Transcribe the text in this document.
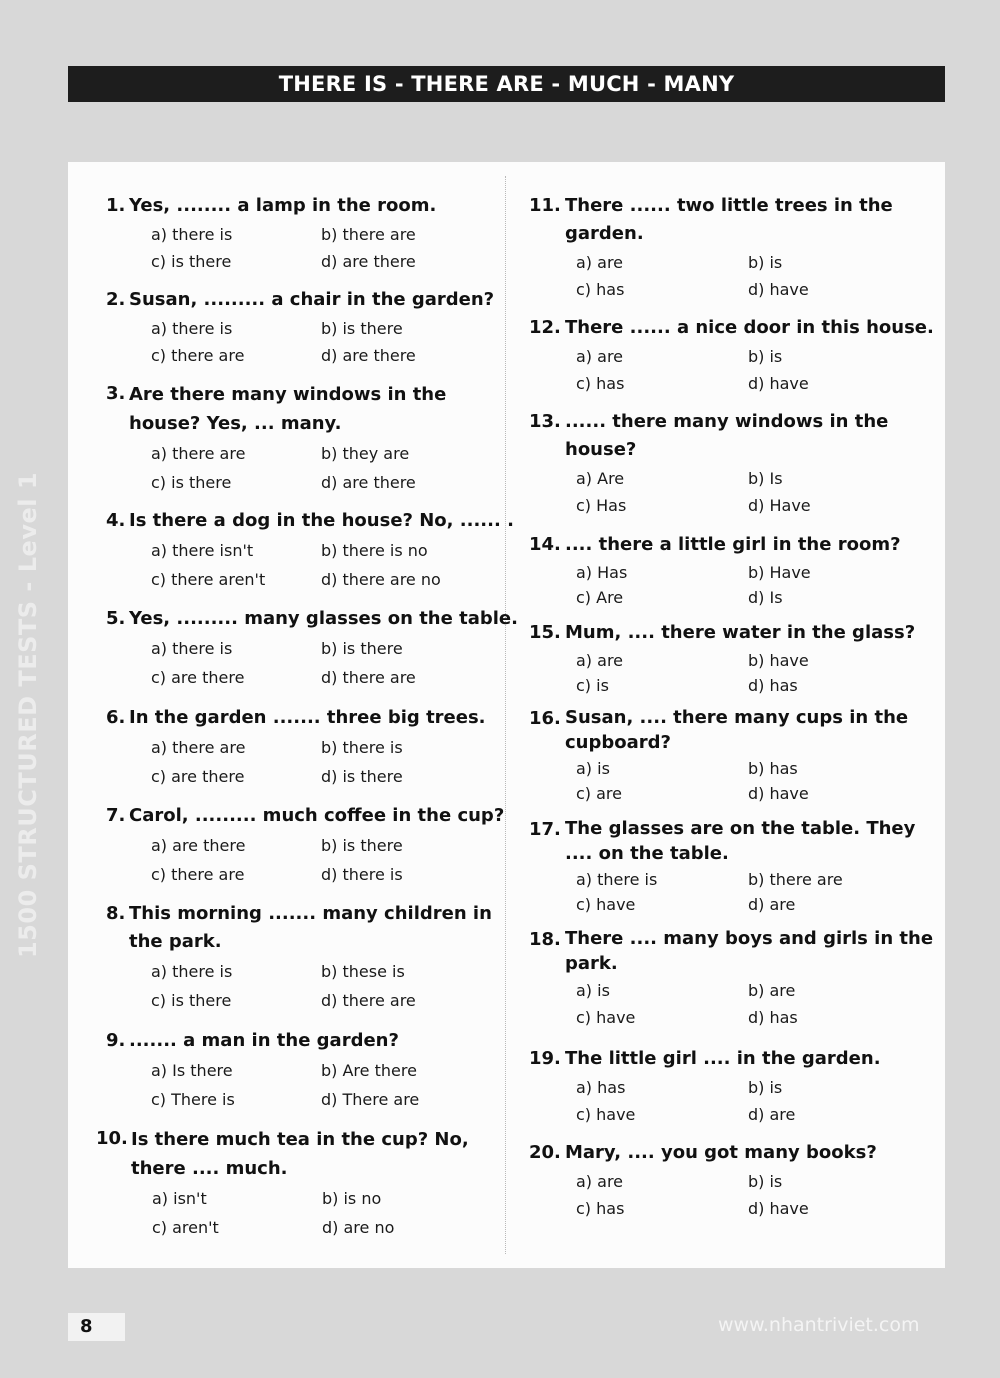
THERE IS - THERE ARE - MUCH - MANY
1500 STRUCTURED TESTS - Level 1
1. Yes, ........ a lamp in the room.
a) there is	b) there are
c) is there	d) are there
2. Susan, ......... a chair in the garden?
a) there is	b) is there
c) there are	d) are there
3. Are there many windows in the
house? Yes, ... many.
a) there are	b) they are
c) is there	d) are there
4. Is there a dog in the house? No, ...... .
a) there isn't	b) there is no
c) there aren't	d) there are no
5. Yes, ......... many glasses on the table.
a) there is	b) is there
c) are there	d) there are
6. In the garden ....... three big trees.
a) there are	b) there is
c) are there	d) is there
7. Carol, ......... much coffee in the cup?
a) are there	b) is there
c) there are	d) there is
8. This morning ....... many children in
the park.
a) there is	b) these is
c) is there	d) there are
9. ....... a man in the garden?
a) Is there	b) Are there
c) There is	d) There are
10. Is there much tea in the cup? No,
there .... much.
a) isn't	b) is no
c) aren't	d) are no
11. There ...... two little trees in the
garden.
a) are	b) is
c) has	d) have
12. There ...... a nice door in this house.
a) are	b) is
c) has	d) have
13. ...... there many windows in the
house?
a) Are	b) Is
c) Has	d) Have
14. .... there a little girl in the room?
a) Has	b) Have
c) Are	d) Is
15. Mum, .... there water in the glass?
a) are	b) have
c) is	d) has
16. Susan, .... there many cups in the
cupboard?
a) is	b) has
c) are	d) have
17. The glasses are on the table. They
.... on the table.
a) there is	b) there are
c) have	d) are
18. There .... many boys and girls in the
park.
a) is	b) are
c) have	d) has
19. The little girl .... in the garden.
a) has	b) is
c) have	d) are
20. Mary, .... you got many books?
a) are	b) is
c) has	d) have
8	www.nhantriviet.com
